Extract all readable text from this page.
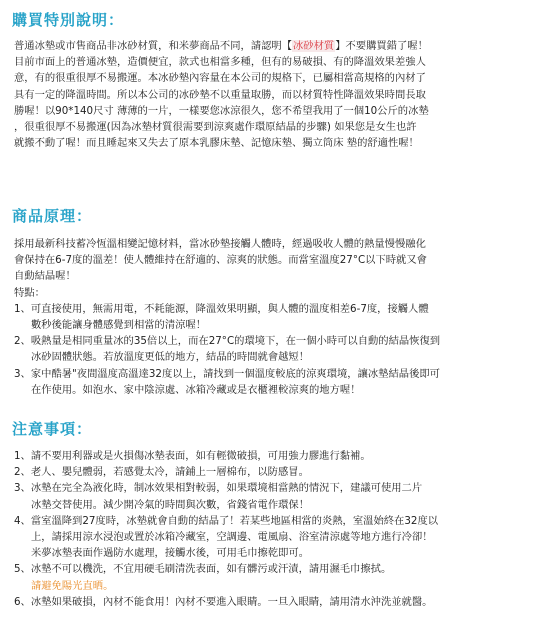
購買特別說明：
普通冰墊或市售商品非冰砂材質，和米夢商品不同，請認明【冰砂材質】不要購買錯了喔！
目前市面上的普通冰墊，造價便宜，款式也相當多種，但有的易破損、有的降溫效果差強人
意，有的很重很厚不易搬運。本冰砂墊內容量在本公司的規格下，已屬相當高規格的內材了
具有一定的降溫時間。所以本公司的冰砂墊不以重量取勝，而以材質特性降溫效果時間長取
勝喔！以90*140尺寸 薄薄的一片，一樣要您冰涼很久，您不希望我用了一個10公斤的冰墊
，很重很厚不易搬運(因為冰墊材質很需要到涼爽處作環原結晶的步驟) 如果您是女生也許
就搬不動了喔！而且睡起來又失去了原本乳膠床墊、記憶床墊、獨立筒床 墊的舒適性喔！
商品原理：
採用最新科技蓄冷恆溫相變記憶材料，當冰砂墊接觸人體時，經過吸收人體的熱量慢慢融化
會保持在6-7度的溫差！使人體維持在舒適的、涼爽的狀態。而當室溫度27°C以下時就又會
自動結晶喔！
特點：
1、可直接使用，無需用電，不耗能源，降溫效果明顯，與人體的溫度相差6-7度，接觸人體
數秒後能讓身體感覺到相當的清涼喔！
2、吸熱量是相同重量冰的35倍以上，而在27°C的環境下，在一個小時可以自動的結晶恢復到
冰砂固體狀態。若放溫度更低的地方，結晶的時間就會越短！
3、家中酷暑"夜間溫度高溫達32度以上，請找到一個溫度較底的涼爽環境，讓冰墊結晶後即可
在作使用。如泡水、家中陰涼處、冰箱冷藏或是衣櫃裡較涼爽的地方喔！
注意事項：
1、請不要用利器或是火損傷冰墊表面，如有輕微破損，可用強力膠進行黏補。
2、老人、嬰兒體弱，若感覺太冷，請鋪上一層棉布，以防感冒。
3、冰墊在完全為液化時，制冰效果相對較弱，如果環境相當熱的情況下，建議可使用二片
冰墊交替使用。減少開冷氣的時間與次數，省錢省電作環保！
4、當室溫降到27度時，冰墊就會自動的結晶了！若某些地區相當的炎熱，室溫始終在32度以
上，請採用涼水浸泡或置於冰箱冷藏室，空調邊、電風扇、浴室清涼處等地方進行冷卻！
米夢冰墊表面作過防水處理，接觸水後，可用毛巾擦乾即可。
5、冰墊不可以機洗，不宜用硬毛刷清洗表面，如有髒污或汗漬，請用濕毛巾擦拭。
請避免陽光直晒。
6、冰墊如果破損，內材不能食用！內材不要進入眼睛。一旦入眼睛，請用清水沖洗並就醫。
